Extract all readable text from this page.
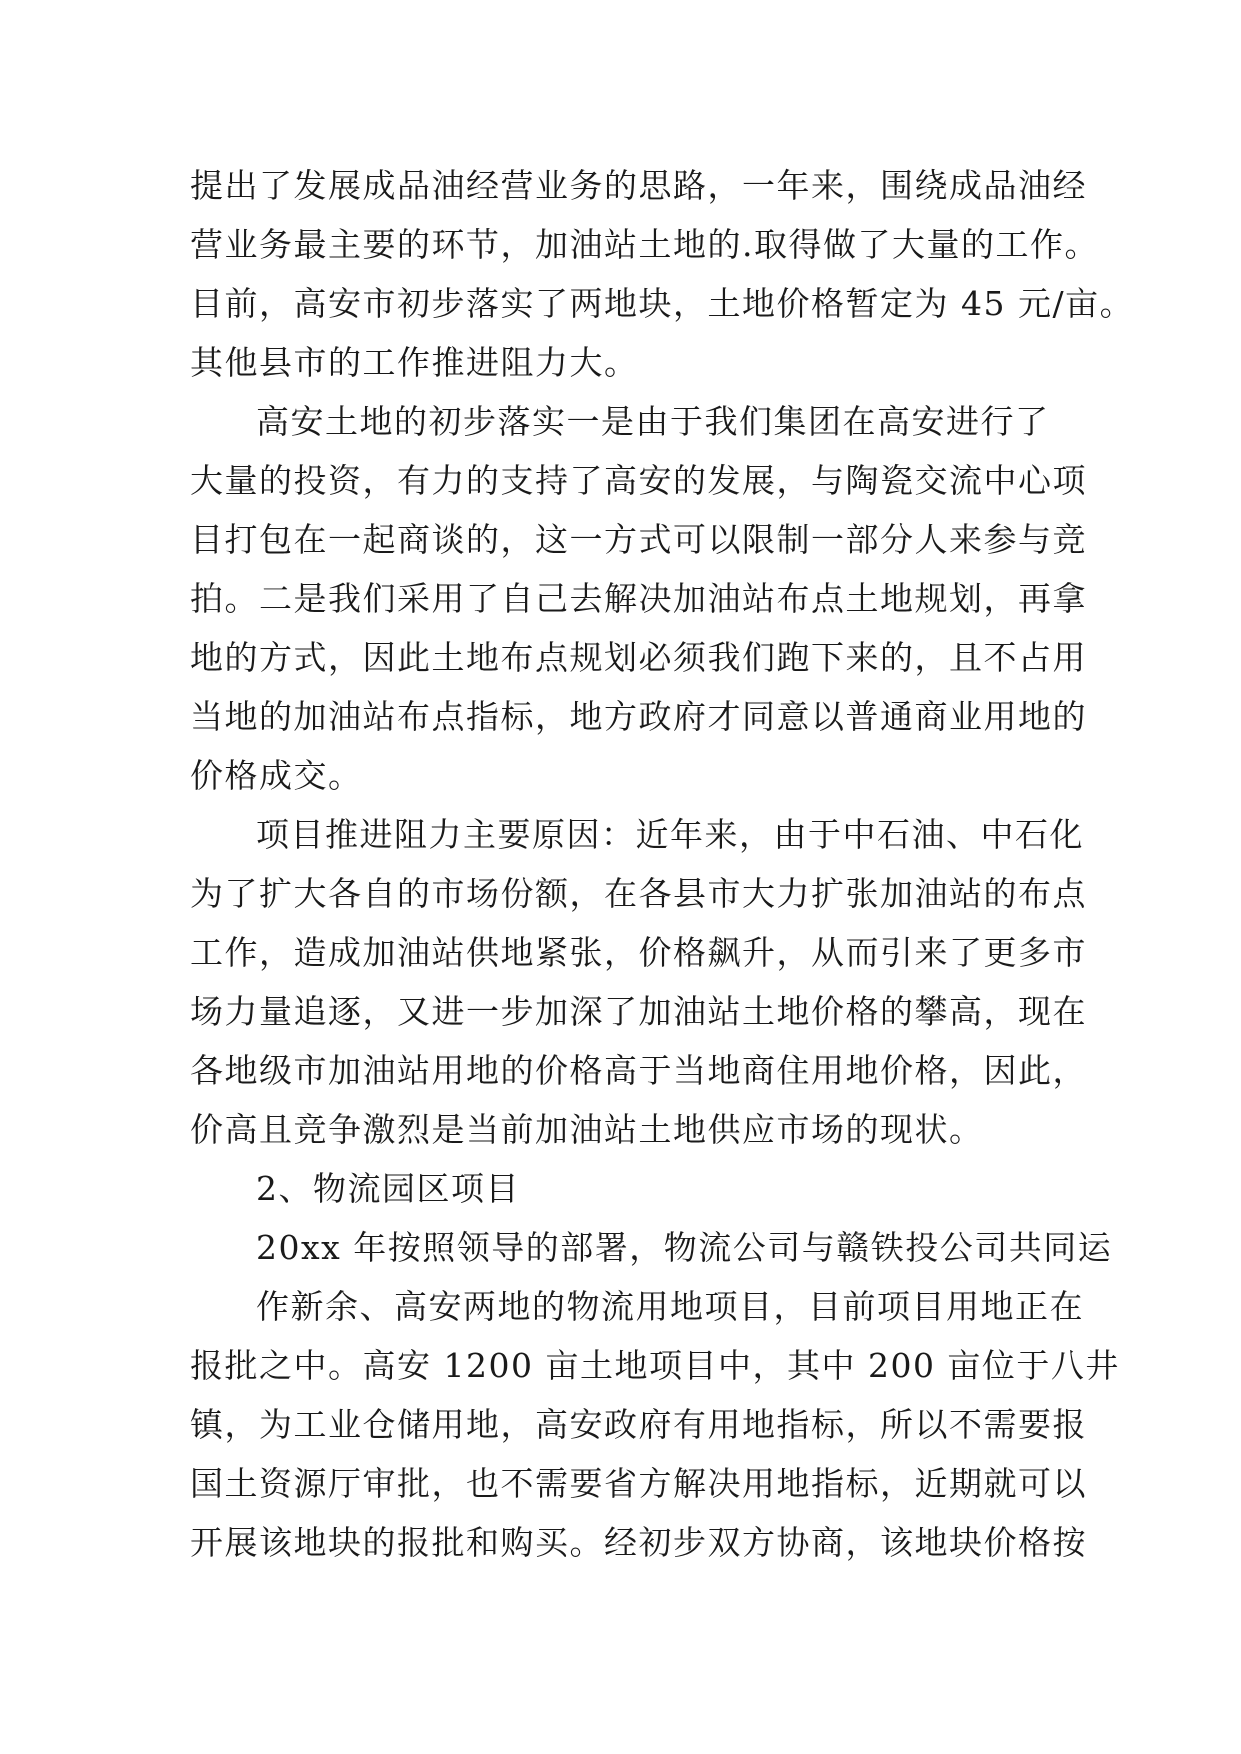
提出了发展成品油经营业务的思路，一年来，围绕成品油经
营业务最主要的环节，加油站土地的.取得做了大量的工作。
目前，高安市初步落实了两地块，土地价格暂定为 45 元/亩。
其他县市的工作推进阻力大。
高安土地的初步落实一是由于我们集团在高安进行了
大量的投资，有力的支持了高安的发展，与陶瓷交流中心项
目打包在一起商谈的，这一方式可以限制一部分人来参与竞
拍。二是我们采用了自己去解决加油站布点土地规划，再拿
地的方式，因此土地布点规划必须我们跑下来的，且不占用
当地的加油站布点指标，地方政府才同意以普通商业用地的
价格成交。
项目推进阻力主要原因：近年来，由于中石油、中石化
为了扩大各自的市场份额，在各县市大力扩张加油站的布点
工作，造成加油站供地紧张，价格飙升，从而引来了更多市
场力量追逐，又进一步加深了加油站土地价格的攀高，现在
各地级市加油站用地的价格高于当地商住用地价格，因此，
价高且竞争激烈是当前加油站土地供应市场的现状。
2、物流园区项目
20xx 年按照领导的部署，物流公司与赣铁投公司共同运
作新余、高安两地的物流用地项目，目前项目用地正在
报批之中。高安 1200 亩土地项目中，其中 200 亩位于八井
镇，为工业仓储用地，高安政府有用地指标，所以不需要报
国土资源厅审批，也不需要省方解决用地指标，近期就可以
开展该地块的报批和购买。经初步双方协商，该地块价格按
